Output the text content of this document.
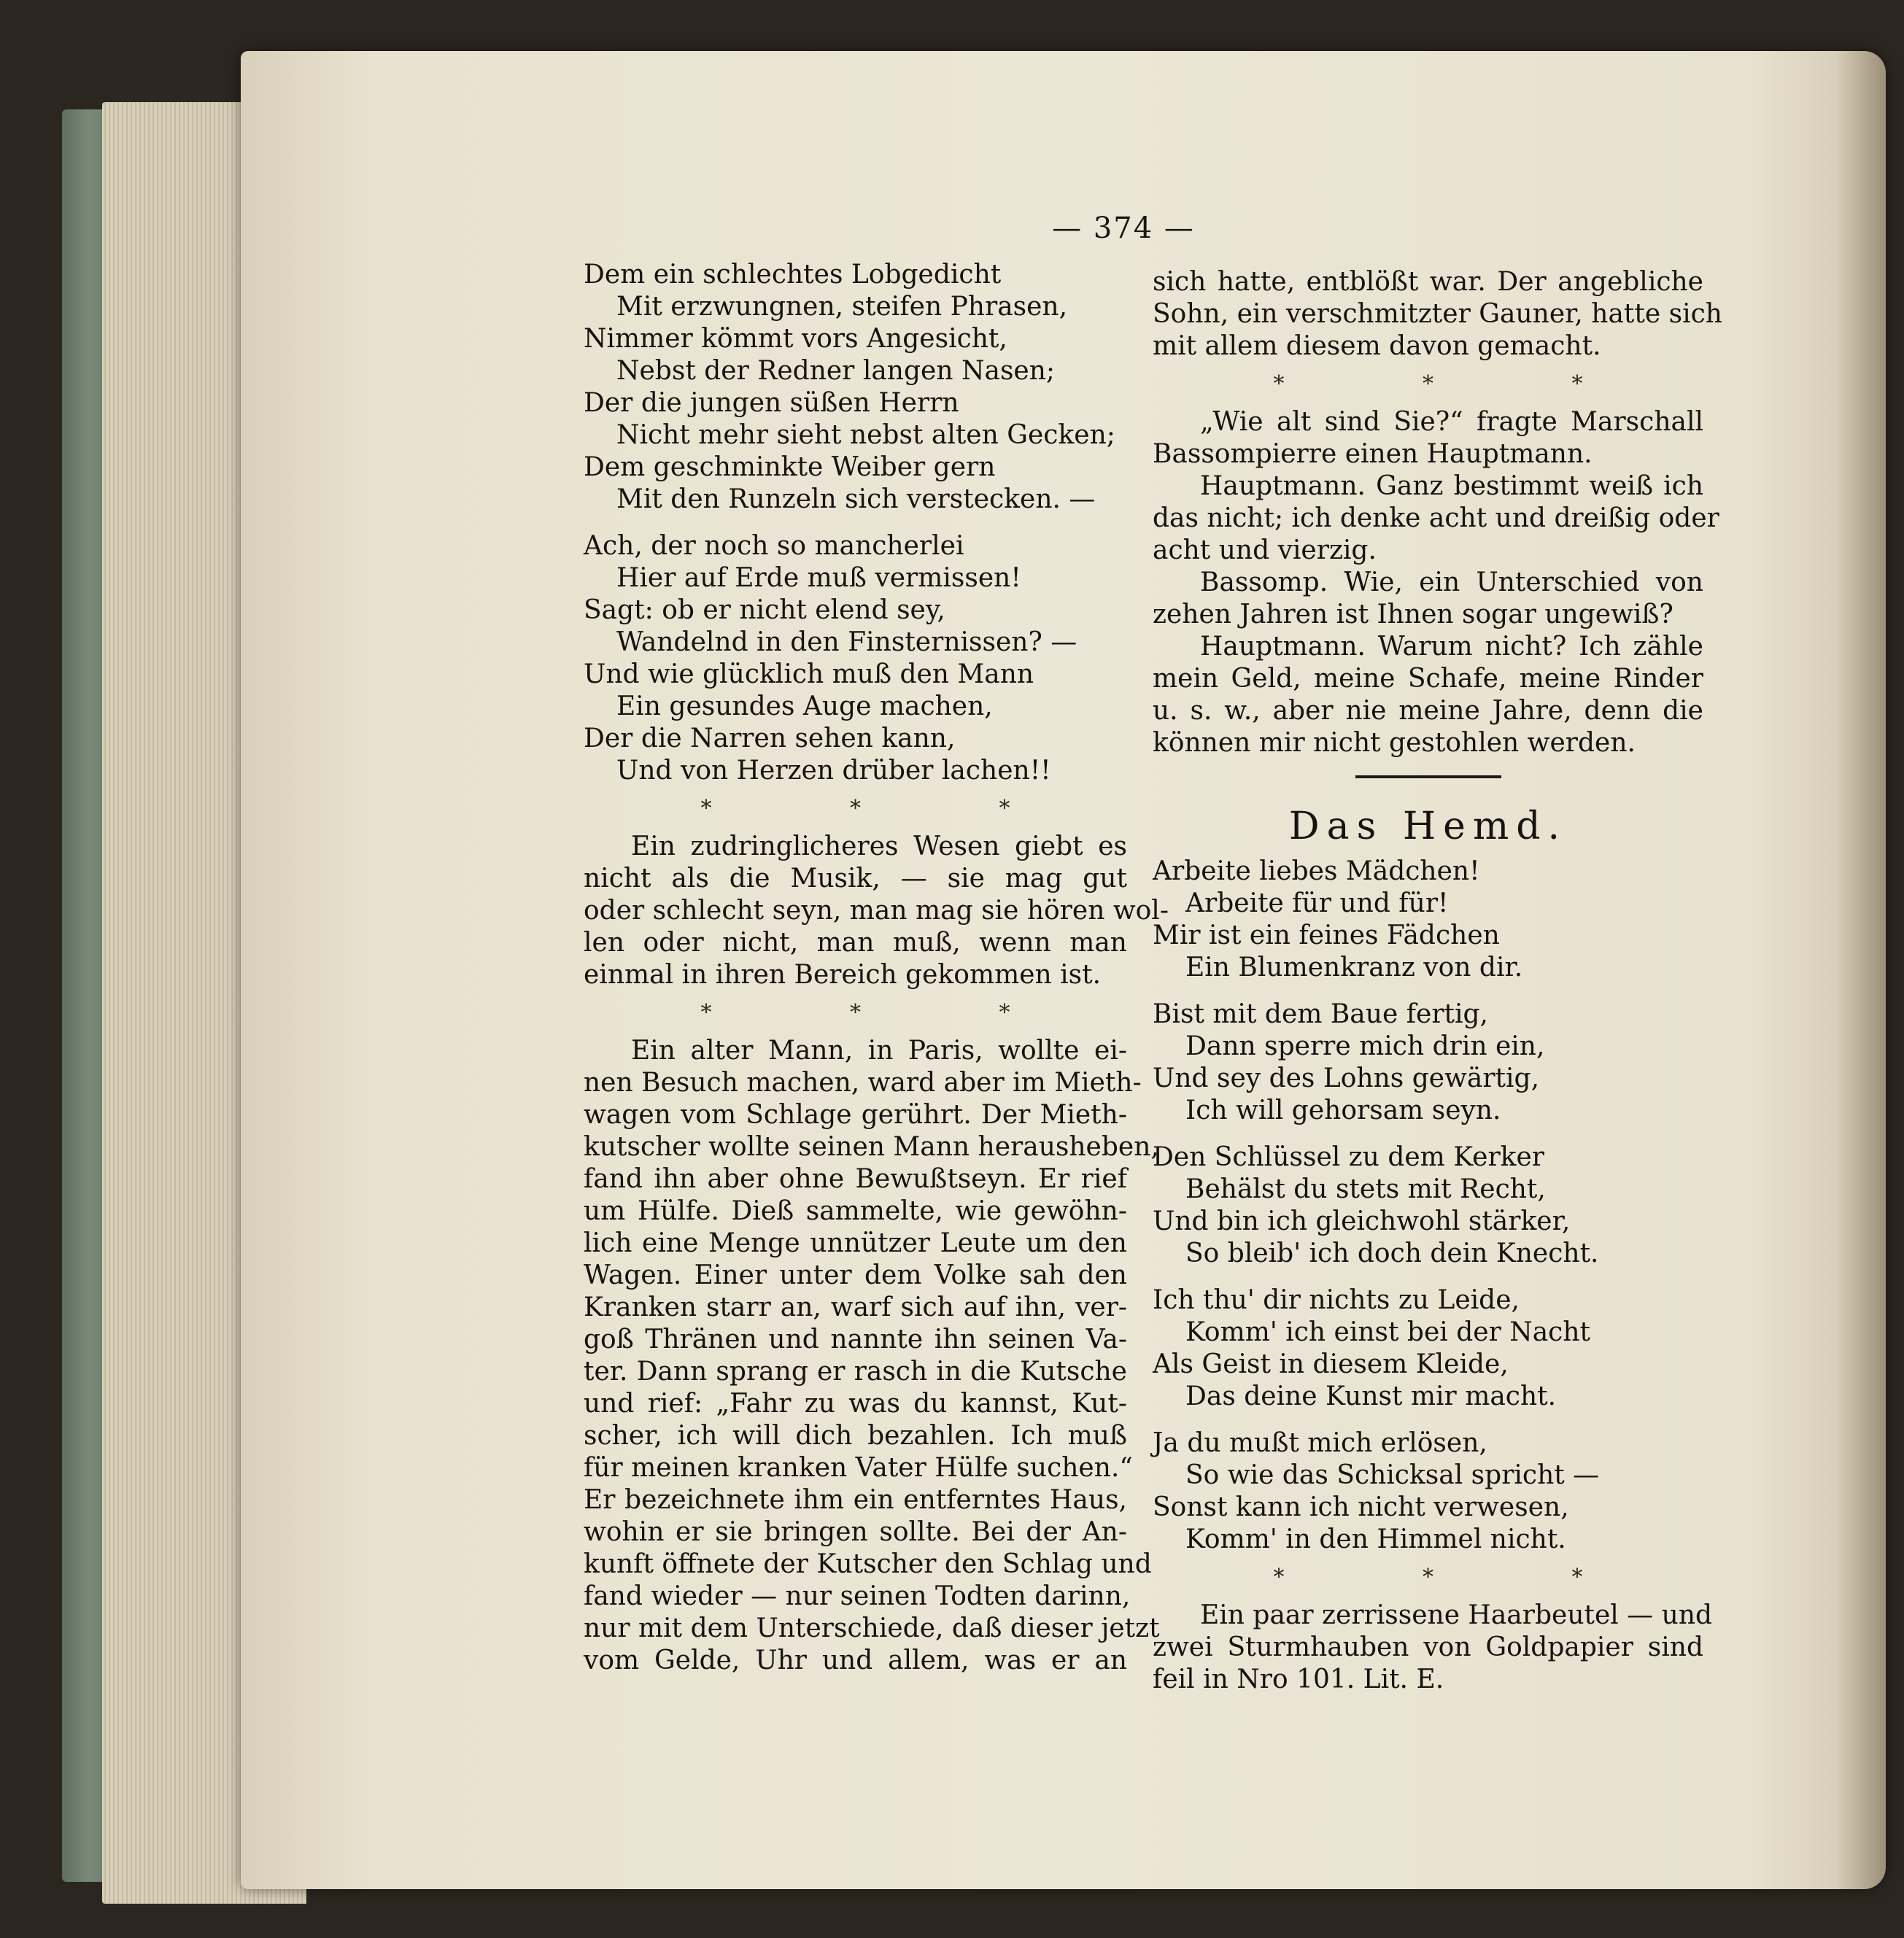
— 374 —
Dem ein schlechtes Lobgedicht
Mit erzwungnen, steifen Phrasen,
Nimmer kömmt vors Angesicht,
Nebst der Redner langen Nasen;
Der die jungen süßen Herrn
Nicht mehr sieht nebst alten Gecken;
Dem geschminkte Weiber gern
Mit den Runzeln sich verstecken. —
Ach, der noch so mancherlei
Hier auf Erde muß vermissen!
Sagt: ob er nicht elend sey,
Wandelnd in den Finsternissen? —
Und wie glücklich muß den Mann
Ein gesundes Auge machen,
Der die Narren sehen kann,
Und von Herzen drüber lachen!!
* * *
Ein zudringlicheres Wesen giebt es
nicht als die Musik, — sie mag gut
oder schlecht seyn, man mag sie hören wol-
len oder nicht, man muß, wenn man
einmal in ihren Bereich gekommen ist.
* * *
Ein alter Mann, in Paris, wollte ei-
nen Besuch machen, ward aber im Mieth-
wagen vom Schlage gerührt. Der Mieth-
kutscher wollte seinen Mann herausheben,
fand ihn aber ohne Bewußtseyn. Er rief
um Hülfe. Dieß sammelte, wie gewöhn-
lich eine Menge unnützer Leute um den
Wagen. Einer unter dem Volke sah den
Kranken starr an, warf sich auf ihn, ver-
goß Thränen und nannte ihn seinen Va-
ter. Dann sprang er rasch in die Kutsche
und rief: „Fahr zu was du kannst, Kut-
scher, ich will dich bezahlen. Ich muß
für meinen kranken Vater Hülfe suchen.“
Er bezeichnete ihm ein entferntes Haus,
wohin er sie bringen sollte. Bei der An-
kunft öffnete der Kutscher den Schlag und
fand wieder — nur seinen Todten darinn,
nur mit dem Unterschiede, daß dieser jetzt
vom Gelde, Uhr und allem, was er an
sich hatte, entblößt war. Der angebliche
Sohn, ein verschmitzter Gauner, hatte sich
mit allem diesem davon gemacht.
* * *
„Wie alt sind Sie?“ fragte Marschall
Bassompierre einen Hauptmann.
Hauptmann. Ganz bestimmt weiß ich
das nicht; ich denke acht und dreißig oder
acht und vierzig.
Bassomp. Wie, ein Unterschied von
zehen Jahren ist Ihnen sogar ungewiß?
Hauptmann. Warum nicht? Ich zähle
mein Geld, meine Schafe, meine Rinder
u. s. w., aber nie meine Jahre, denn die
können mir nicht gestohlen werden.
Das Hemd.
Arbeite liebes Mädchen!
Arbeite für und für!
Mir ist ein feines Fädchen
Ein Blumenkranz von dir.
Bist mit dem Baue fertig,
Dann sperre mich drin ein,
Und sey des Lohns gewärtig,
Ich will gehorsam seyn.
Den Schlüssel zu dem Kerker
Behälst du stets mit Recht,
Und bin ich gleichwohl stärker,
So bleib' ich doch dein Knecht.
Ich thu' dir nichts zu Leide,
Komm' ich einst bei der Nacht
Als Geist in diesem Kleide,
Das deine Kunst mir macht.
Ja du mußt mich erlösen,
So wie das Schicksal spricht —
Sonst kann ich nicht verwesen,
Komm' in den Himmel nicht.
* * *
Ein paar zerrissene Haarbeutel — und
zwei Sturmhauben von Goldpapier sind
feil in Nro 101. Lit. E.
